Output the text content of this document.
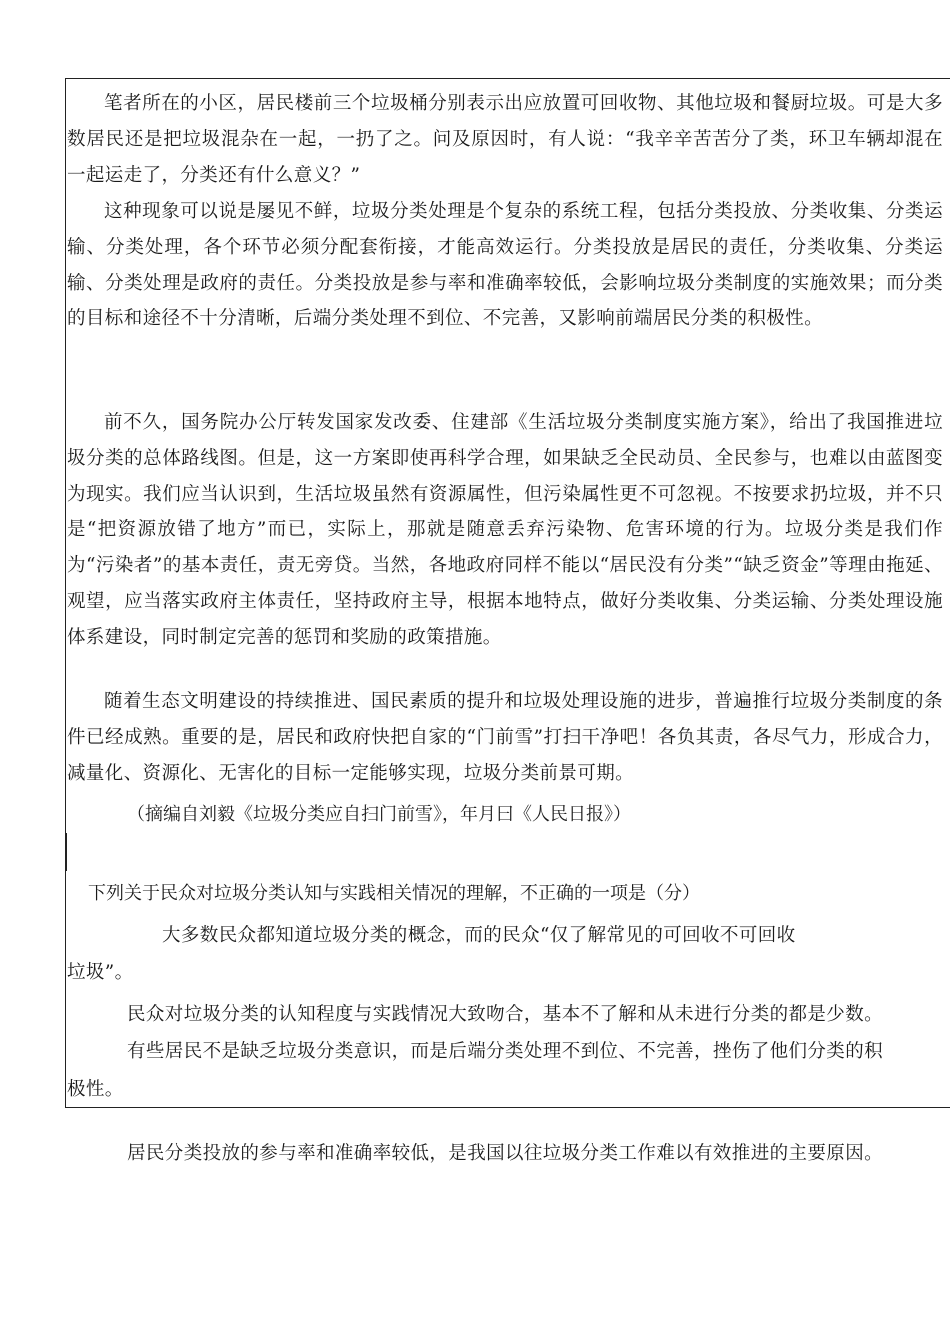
笔者所在的小区，居民楼前三个垃圾桶分别表示出应放置可回收物、其他垃圾和餐厨垃圾。可是大多数居民还是把垃圾混杂在一起，一扔了之。问及原因时，有人说：“我辛辛苦苦分了类，环卫车辆却混在一起运走了，分类还有什么意义？”

这种现象可以说是屡见不鲜，垃圾分类处理是个复杂的系统工程，包括分类投放、分类收集、分类运输、分类处理，各个环节必须分配套衔接，才能高效运行。分类投放是居民的责任，分类收集、分类运输、分类处理是政府的责任。分类投放是参与率和准确率较低，会影响垃圾分类制度的实施效果；而分类的目标和途径不十分清晰，后端分类处理不到位、不完善，又影响前端居民分类的积极性。

前不久，国务院办公厅转发国家发改委、住建部《生活垃圾分类制度实施方案》，给出了我国推进垃圾分类的总体路线图。但是，这一方案即使再科学合理，如果缺乏全民动员、全民参与，也难以由蓝图变为现实。我们应当认识到，生活垃圾虽然有资源属性，但污染属性更不可忽视。不按要求扔垃圾，并不只是“把资源放错了地方”而已，实际上，那就是随意丢弃污染物、危害环境的行为。垃圾分类是我们作为“污染者”的基本责任，责无旁贷。当然，各地政府同样不能以“居民没有分类”“缺乏资金”等理由拖延、观望，应当落实政府主体责任，坚持政府主导，根据本地特点，做好分类收集、分类运输、分类处理设施体系建设，同时制定完善的惩罚和奖励的政策措施。

随着生态文明建设的持续推进、国民素质的提升和垃圾处理设施的进步，普遍推行垃圾分类制度的条件已经成熟。重要的是，居民和政府快把自家的“门前雪”打扫干净吧！各负其责，各尽气力，形成合力，减量化、资源化、无害化的目标一定能够实现，垃圾分类前景可期。

（摘编自刘毅《垃圾分类应自扫门前雪》，年月曰《人民日报》）

下列关于民众对垃圾分类认知与实践相关情况的理解，不正确的一项是（分）

大多数民众都知道垃圾分类的概念，而的民众“仅了解常见的可回收不可回收

垃圾”。

民众对垃圾分类的认知程度与实践情况大致吻合，基本不了解和从未进行分类的都是少数。

有些居民不是缺乏垃圾分类意识，而是后端分类处理不到位、不完善，挫伤了他们分类的积

极性。

居民分类投放的参与率和准确率较低，是我国以往垃圾分类工作难以有效推进的主要原因。
